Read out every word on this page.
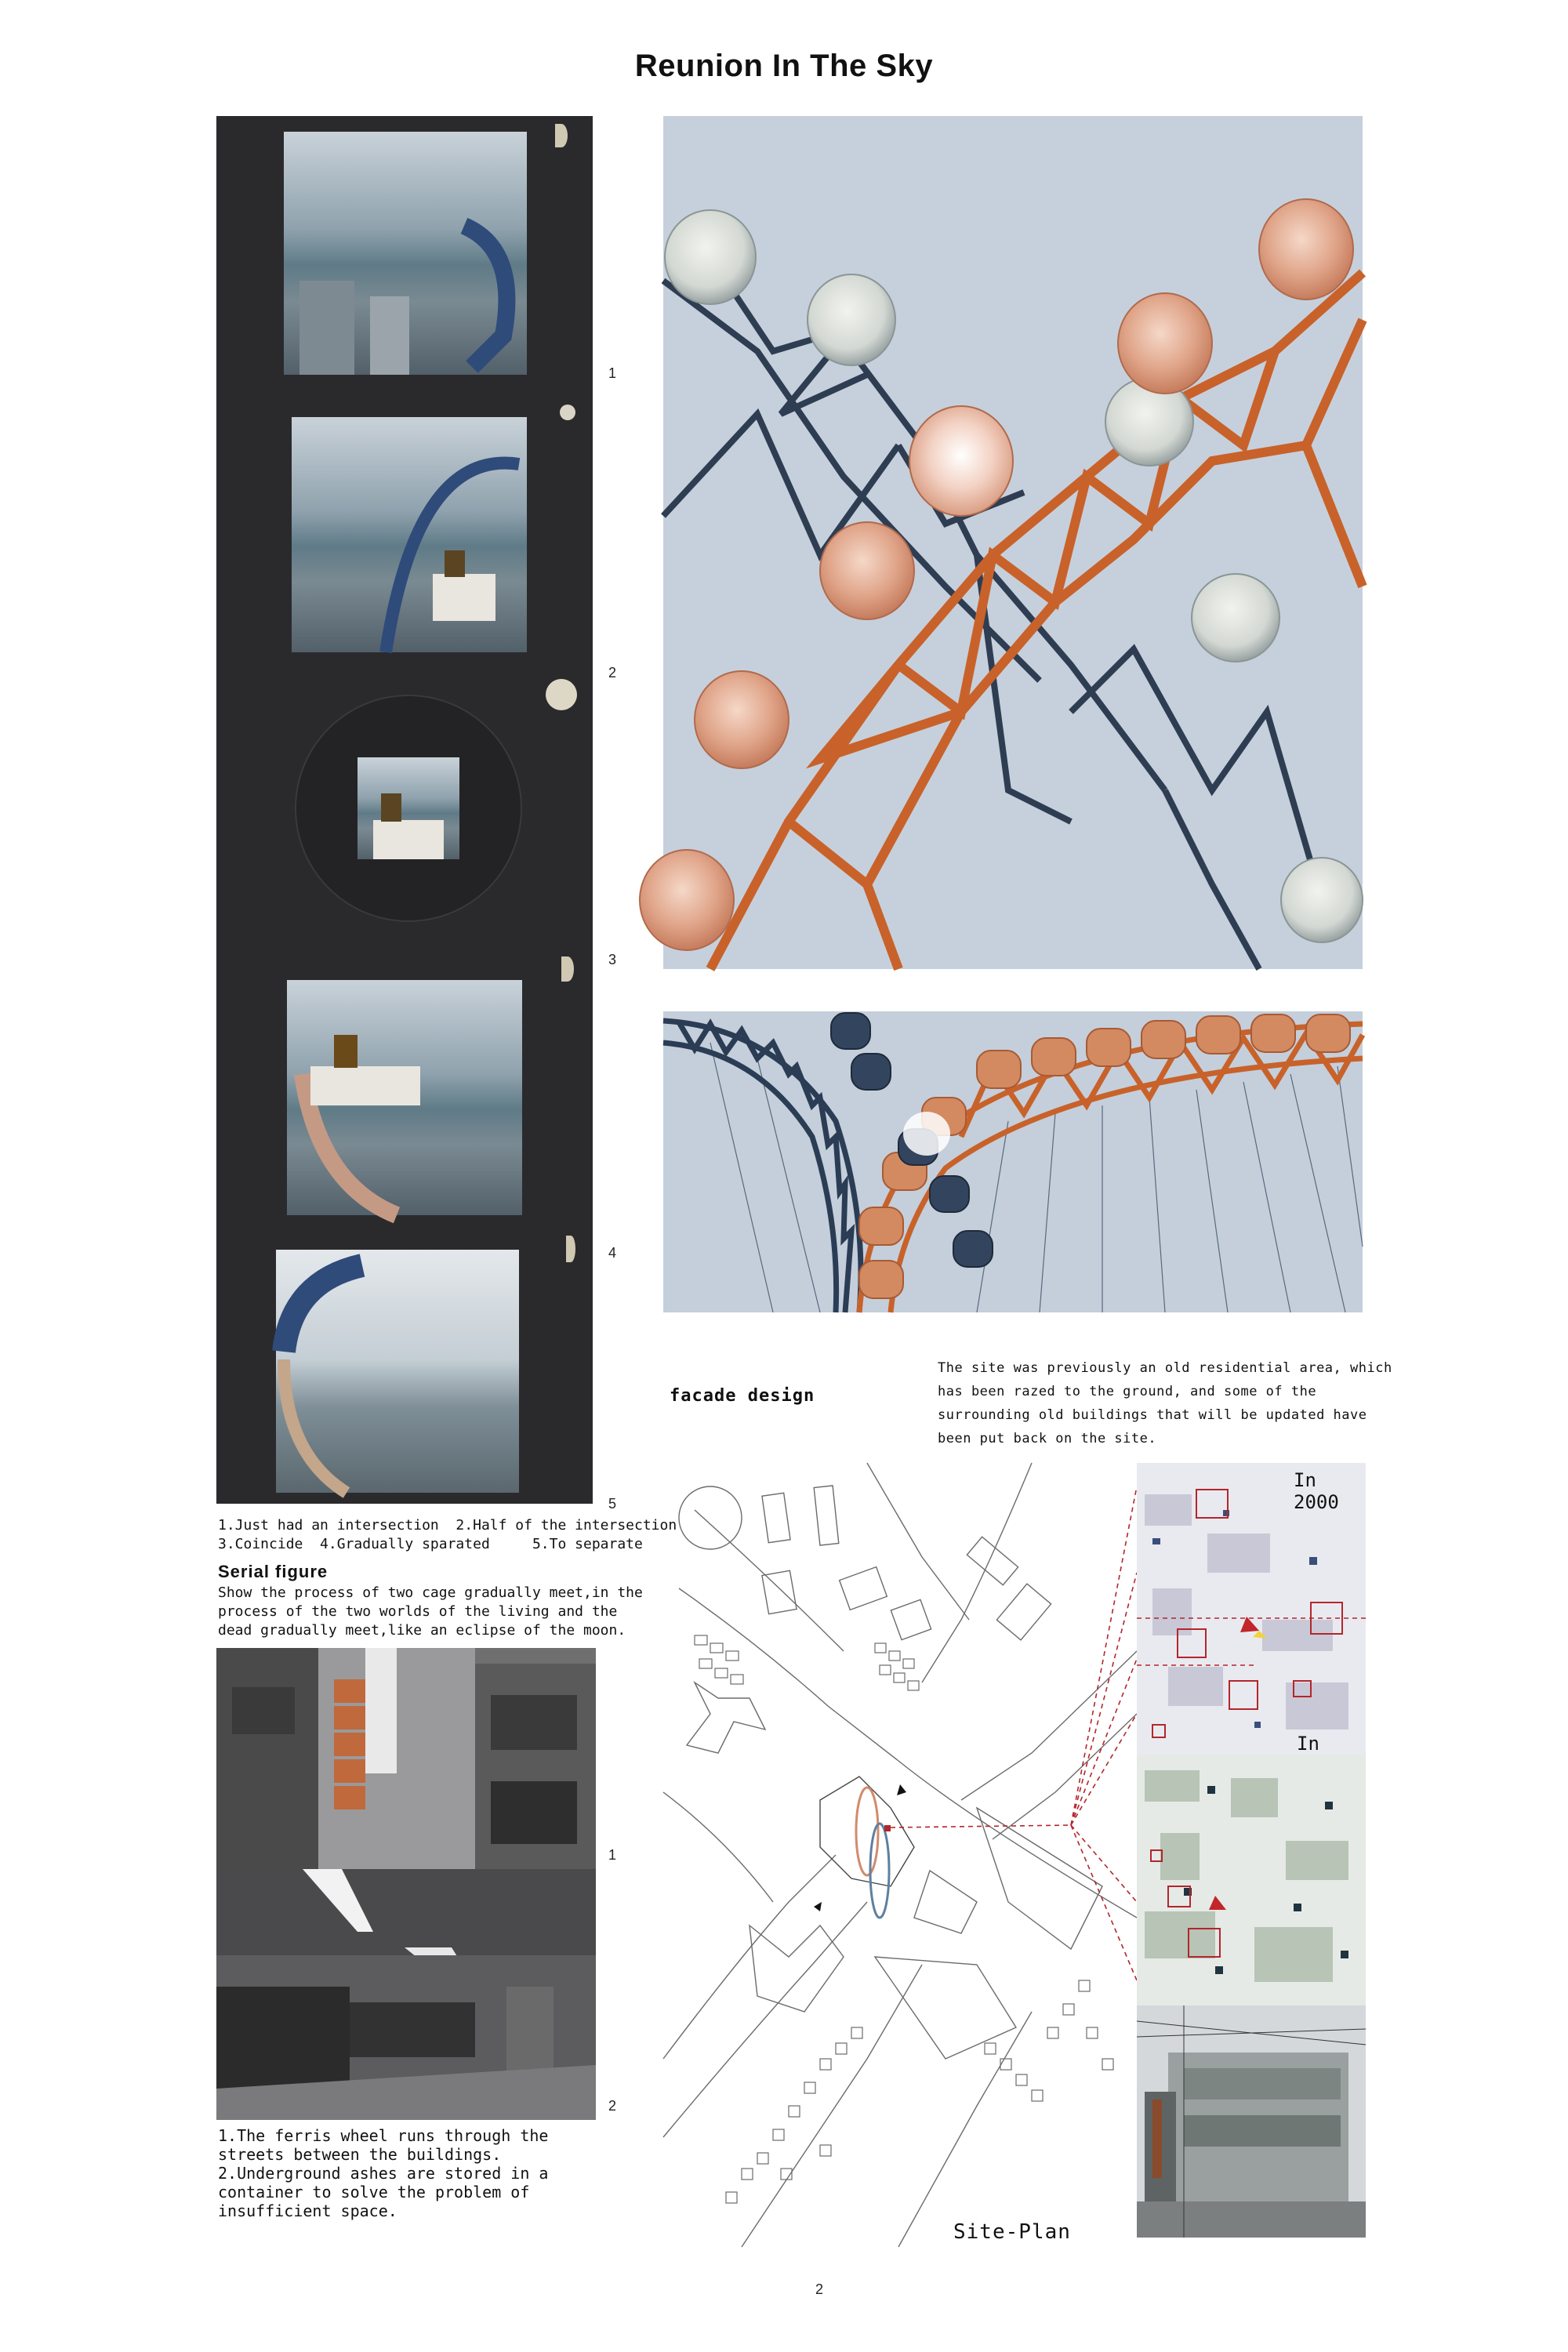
Reunion In The Sky
1
2
3
4
5
1.Just had an intersection  2.Half of the intersection
3.Coincide  4.Gradually sparated     5.To separate
Serial figure
Show the process of two cage gradually meet,in the
process of the two worlds of the living and the
dead gradually meet,like an eclipse of the moon.
1
2
1.The ferris wheel runs through the
streets between the buildings.
2.Underground ashes are stored in a
container to solve the problem of
insufficient space.
facade design
The site was previously an old residential area, which
has been razed to the ground, and some of the
surrounding old buildings that will be updated have
been put back on the site.
Site-Plan
In 2000
In
2
